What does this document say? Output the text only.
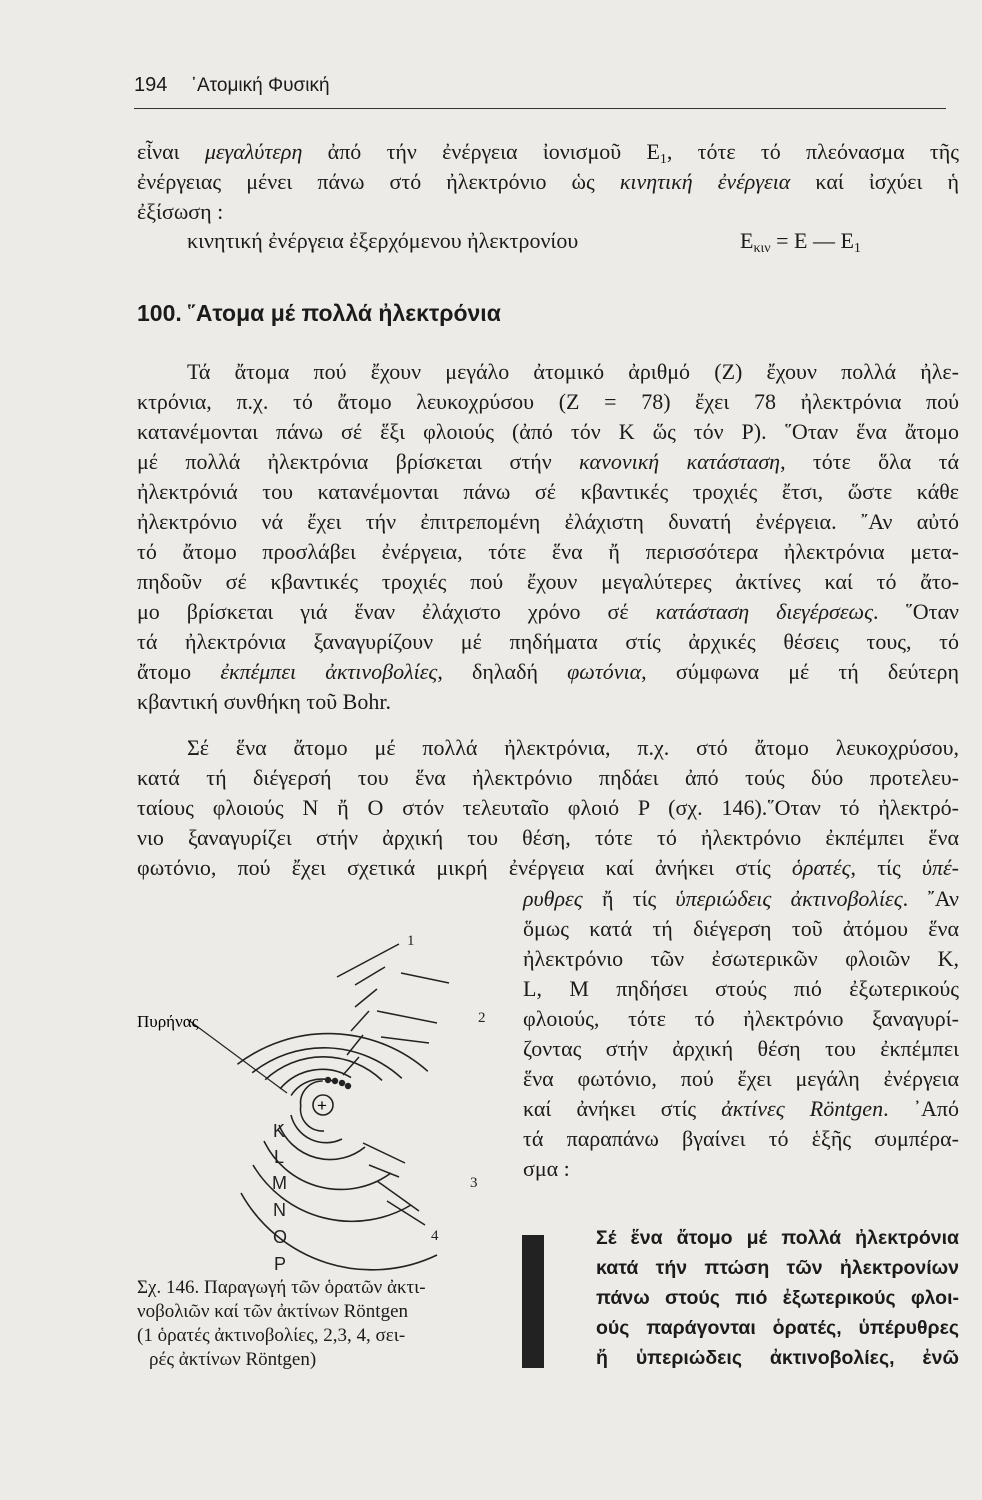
194 ᾿Ατομική Φυσική
εἶναι μεγαλύτερη ἀπό τήν ἐνέργεια ἰονισμοῦ $E_1$, τότε τό πλεόνασμα τῆς
ἐνέργειας μένει πάνω στό ἠλεκτρόνιο ὡς κινητική ἐνέργεια καί ἰσχύει ἡ
ἐξίσωση :
κινητική ἐνέργεια ἐξερχόμενου ἠλεκτρονίου	$E_{\kappa\iota\nu} = E$ — $E_1$
100. ῞Ατομα μέ πολλά ἠλεκτρόνια
Τά ἄτομα πού ἔχουν μεγάλο ἀτομικό ἀριθμό (Z) ἔχουν πολλά ἠλε-
κτρόνια, π.χ. τό ἄτομο λευκοχρύσου (Z = 78) ἔχει 78 ἠλεκτρόνια πού
κατανέμονται πάνω σέ ἕξι φλοιούς (ἀπό τόν K ὥς τόν P). ῞Οταν ἕνα ἄτομο
μέ πολλά ἠλεκτρόνια βρίσκεται στήν κανονική κατάσταση, τότε ὅλα τά
ἠλεκτρόνιά του κατανέμονται πάνω σέ κβαντικές τροχιές ἔτσι, ὥστε κάθε
ἠλεκτρόνιο νά ἔχει τήν ἐπιτρεπομένη ἐλάχιστη δυνατή ἐνέργεια. ῎Αν αὐτό
τό ἄτομο προσλάβει ἐνέργεια, τότε ἕνα ἤ περισσότερα ἠλεκτρόνια μετα-
πηδοῦν σέ κβαντικές τροχιές πού ἔχουν μεγαλύτερες ἀκτίνες καί τό ἄτο-
μο βρίσκεται γιά ἕναν ἐλάχιστο χρόνο σέ κατάσταση διεγέρσεως. ῞Οταν
τά ἠλεκτρόνια ξαναγυρίζουν μέ πηδήματα στίς ἀρχικές θέσεις τους, τό
ἄτομο ἐκπέμπει ἀκτινοβολίες, δηλαδή φωτόνια, σύμφωνα μέ τή δεύτερη
κβαντική συνθήκη τοῦ Bohr.
Σέ ἕνα ἄτομο μέ πολλά ἠλεκτρόνια, π.χ. στό ἄτομο λευκοχρύσου,
κατά τή διέγερσή του ἕνα ἠλεκτρόνιο πηδάει ἀπό τούς δύο προτελευ-
ταίους φλοιούς N ἤ O στόν τελευταῖο φλοιό P (σχ. 146).῞Οταν τό ἠλεκτρό-
νιο ξαναγυρίζει στήν ἀρχική του θέση, τότε τό ἠλεκτρόνιο ἐκπέμπει ἕνα
φωτόνιο, πού ἔχει σχετικά μικρή ἐνέργεια καί ἀνήκει στίς ὁρατές, τίς ὑπέ-
ρυθρες ἤ τίς ὑπεριώδεις ἀκτινοβολίες. ῎Αν
ὅμως κατά τή διέγερση τοῦ ἀτόμου ἕνα
ἠλεκτρόνιο τῶν ἐσωτερικῶν φλοιῶν K,
L, M πηδήσει στούς πιό ἐξωτερικούς
φλοιούς, τότε τό ἠλεκτρόνιο ξαναγυρί-
ζοντας στήν ἀρχική θέση του ἐκπέμπει
ἕνα φωτόνιο, πού ἔχει μεγάλη ἐνέργεια
καί ἀνήκει στίς ἀκτίνες Röntgen. ᾿Από
τά παραπάνω βγαίνει τό ἑξῆς συμπέρα-
σμα :
+
Πυρήνας
K
L
M
N
O
P
1
2
3
4
Σχ. 146. Παραγωγή τῶν ὁρατῶν ἀκτι-
νοβολιῶν καί τῶν ἀκτίνων Röntgen
(1 ὁρατές ἀκτινοβολίες, 2,3, 4, σει-
ρές ἀκτίνων Röntgen)
Σέ ἕνα ἄτομο μέ πολλά ἠλεκτρόνια
κατά τήν πτώση τῶν ἠλεκτρονίων
πάνω στούς πιό ἐξωτερικούς φλοι-
ούς παράγονται ὁρατές, ὑπέρυθρες
ἤ ὑπεριώδεις ἀκτινοβολίες, ἐνῶ
